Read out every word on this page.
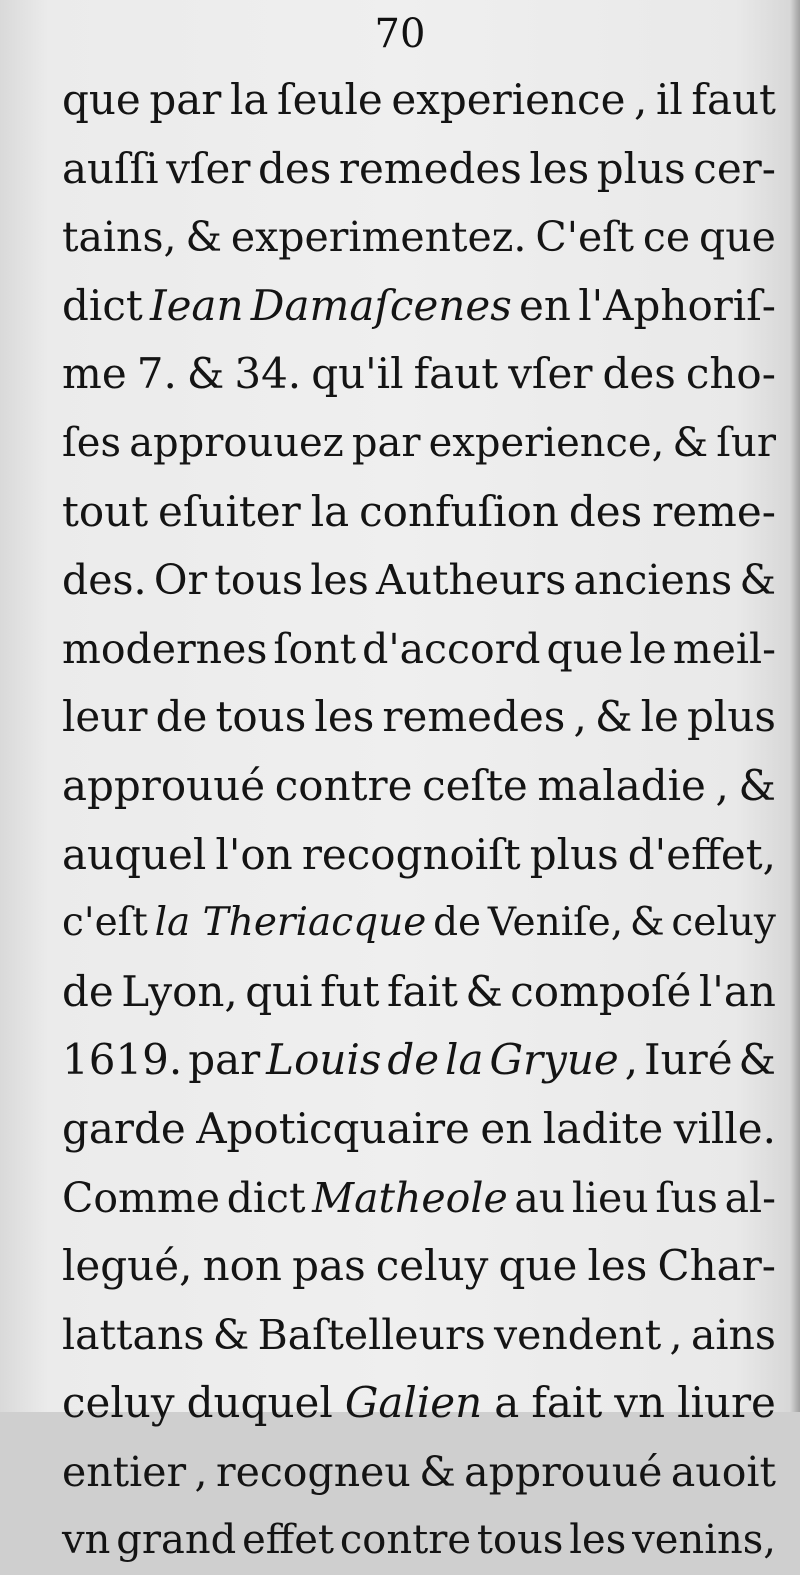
70
que par la ſeule experience , il faut
auſſi vſer des remedes les plus cer-
tains, & experimentez. C'eſt ce que
dict Iean Damaſcenes en l'Aphoriſ-
me 7. & 34. qu'il faut vſer des cho-
ſes approuuez par experience, & ſur
tout eſuiter la confuſion des reme-
des. Or tous les Autheurs anciens &
modernes ſont d'accord que le meil-
leur de tous les remedes , & le plus
approuué contre ceſte maladie , &
auquel l'on recognoiſt plus d'effet,
c'eſt la Theriacque de Veniſe, & celuy
de Lyon, qui fut fait & compoſé l'an
1619. par Louis de la Gryue , Iuré &
garde Apoticquaire en ladite ville.
Comme dict Matheole au lieu ſus al-
legué, non pas celuy que les Char-
lattans & Baſtelleurs vendent , ains
celuy duquel Galien a fait vn liure
entier , recogneu & approuué auoit
vn grand effet contre tous les venins,
